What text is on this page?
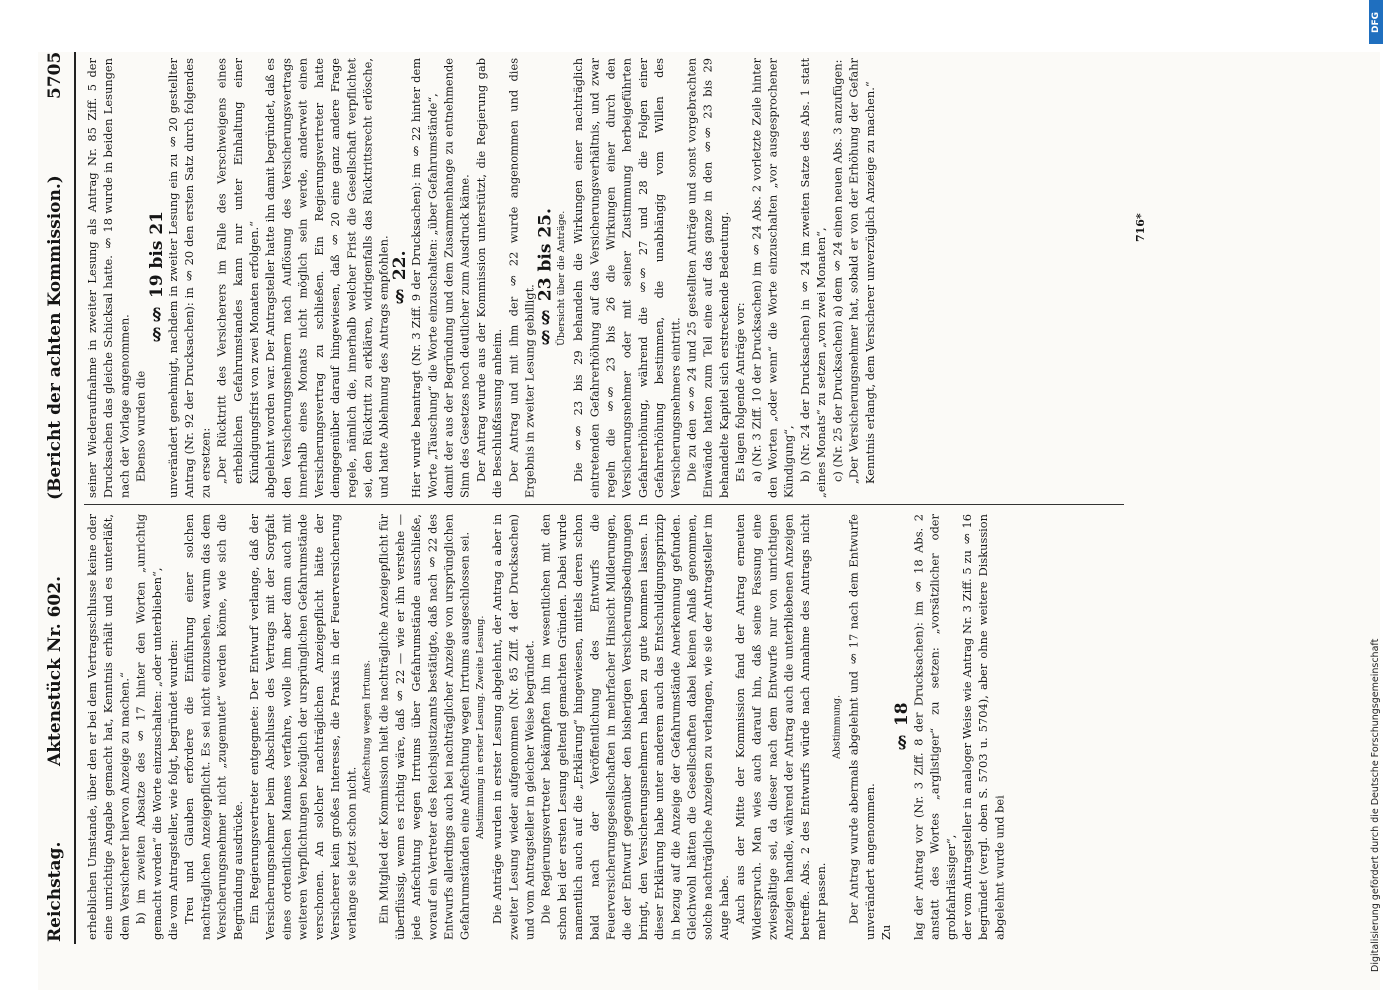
Reichstag.
Aktenstück Nr. 602.
(Bericht der achten Kommission.)
5705

erheblichen Umstande, über den er bei dem Vertragsschlusse keine oder eine unrichtige Angabe gemacht hat, Kenntnis erhält und es unterläßt, dem Versicherer hiervon Anzeige zu machen.“ b) im zweiten Absatze des § 17 hinter den Worten „unrichtig gemacht worden“ die Worte einzuschalten: „oder unterblieben“, die vom Antragsteller, wie folgt, begründet wurden: Treu und Glauben erfordere die Einführung einer solchen nachträglichen Anzeigepflicht. Es sei nicht einzusehen, warum das dem Versicherungsnehmer nicht „zugemutet“ werden könne, wie sich die Begründung ausdrücke. Ein Regierungsvertreter entgegnete: Der Entwurf verlange, daß der Versicherungsnehmer beim Abschlusse des Vertrags mit der Sorgfalt eines ordentlichen Mannes verfahre, wolle ihm aber dann auch mit weiteren Verpflichtungen bezüglich der ursprünglichen Gefahrumstände verschonen. An solcher nachträglichen Anzeigepflicht hätte der Versicherer kein großes Interesse, die Praxis in der Feuerversicherung verlange sie jetzt schon nicht.

Anfechtung wegen Irrtums. Ein Mitglied der Kommission hielt die nachträgliche Anzeigepflicht für überflüssig, wenn es richtig wäre, daß § 22 — wie er ihn verstehe — jede Anfechtung wegen Irrtums über Gefahrumstände ausschließe, worauf ein Vertreter des Reichsjustizamts bestätigte, daß nach § 22 des Entwurfs allerdings auch bei nachträglicher Anzeige von ursprünglichen Gefahrumständen eine Anfechtung wegen Irrtums ausgeschlossen sei. Abstimmung in erster Lesung. Zweite Lesung. Die Anträge wurden in erster Lesung abgelehnt, der Antrag a aber in zweiter Lesung wieder aufgenommen (Nr. 85 Ziff. 4 der Drucksachen) und vom Antragsteller in gleicher Weise begründet. Die Regierungsvertreter bekämpften ihn im wesentlichen mit den schon bei der ersten Lesung geltend gemachten Gründen. Dabei wurde namentlich auch auf die „Erklärung“ hingewiesen, mittels deren schon bald nach der Veröffentlichung des Entwurfs die Feuerversicherungsgesellschaften in mehrfacher Hinsicht Milderungen, die der Entwurf gegenüber den bisherigen Versicherungsbedingungen bringt, den Versicherungsnehmern haben zu gute kommen lassen. In dieser Erklärung habe unter anderem auch das Entschuldigungsprinzip in bezug auf die Anzeige der Gefahrumstände Anerkennung gefunden. Gleichwohl hätten die Gesellschaften dabei keinen Anlaß genommen, solche nachträgliche Anzeigen zu verlangen, wie sie der Antragsteller im Auge habe. Auch aus der Mitte der Kommission fand der Antrag erneuten Widerspruch. Man wies auch darauf hin, daß seine Fassung eine zwiespältige sei, da dieser nach dem Entwurfe nur von unrichtigen Anzeigen handle, während der Antrag auch die unterbliebenen Anzeigen betreffe. Abs. 2 des Entwurfs würde nach Annahme des Antrags nicht mehr passen.

Abstimmung. Der Antrag wurde abermals abgelehnt und § 17 nach dem Entwurfe unverändert angenommen. Zu

§ 18 lag der Antrag vor (Nr. 3 Ziff. 8 der Drucksachen): im § 18 Abs. 2 anstatt des Wortes „arglistiger“ zu setzen: „vorsätzlicher oder grobfahrlässiger“, der vom Antragsteller in analoger Weise wie Antrag Nr. 3 Ziff. 5 zu § 16 begründet (vergl. oben S. 5703 u. 5704), aber ohne weitere Diskussion abgelehnt wurde und bei

seiner Wiederaufnahme in zweiter Lesung als Antrag Nr. 85 Ziff. 5 der Drucksachen das gleiche Schicksal hatte. § 18 wurde in beiden Lesungen nach der Vorlage angenommen. Ebenso wurden die

§§ 19 bis 21 unverändert genehmigt, nachdem in zweiter Lesung ein zu § 20 gestellter Antrag (Nr. 92 der Drucksachen): in § 20 den ersten Satz durch folgendes zu ersetzen: „Der Rücktritt des Versicherers im Falle des Verschweigens eines erheblichen Gefahrumstandes kann nur unter Einhaltung einer Kündigungsfrist von zwei Monaten erfolgen.“ abgelehnt worden war. Der Antragsteller hatte ihn damit begründet, daß es den Versicherungsnehmern nach Auflösung des Versicherungsvertrags innerhalb eines Monats nicht möglich sein werde, anderweit einen Versicherungsvertrag zu schließen. Ein Regierungsvertreter hatte demgegenüber darauf hingewiesen, daß § 20 eine ganz andere Frage regele, nämlich die, innerhalb welcher Frist die Gesellschaft verpflichtet sei, den Rücktritt zu erklären, widrigenfalls das Rücktrittsrecht erlösche, und hatte Ablehnung des Antrags empfohlen. § 22. Hier wurde beantragt (Nr. 3 Ziff. 9 der Drucksachen): im § 22 hinter dem Worte „Täuschung“ die Worte einzuschalten: „über Gefahrumstände“, damit der aus der Begründung und dem Zusammenhange zu entnehmende Sinn des Gesetzes noch deutlicher zum Ausdruck käme. Der Antrag wurde aus der Kommission unterstützt, die Regierung gab die Beschlußfassung anheim. Der Antrag und mit ihm der § 22 wurde angenommen und dies Ergebnis in zweiter Lesung gebilligt.

§§ 23 bis 25. Übersicht über die Anträge. Die §§ 23 bis 29 behandeln die Wirkungen einer nachträglich eintretenden Gefahrerhöhung auf das Versicherungsverhältnis, und zwar regeln die §§ 23 bis 26 die Wirkungen einer durch den Versicherungsnehmer oder mit seiner Zustimmung herbeigeführten Gefahrerhöhung, während die §§ 27 und 28 die Folgen einer Gefahrerhöhung bestimmen, die unabhängig vom Willen des Versicherungsnehmers eintritt. Die zu den §§ 24 und 25 gestellten Anträge und sonst vorgebrachten Einwände hatten zum Teil eine auf das ganze in den §§ 23 bis 29 behandelte Kapitel sich erstreckende Bedeutung. Es lagen folgende Anträge vor: a) (Nr. 3 Ziff. 10 der Drucksachen) im § 24 Abs. 2 vorletzte Zeile hinter den Worten „oder wenn“ die Worte einzuschalten „vor ausgesprochener Kündigung“, b) (Nr. 24 der Drucksachen) in § 24 im zweiten Satze des Abs. 1 statt „eines Monats“ zu setzen „von zwei Monaten“, c) (Nr. 25 der Drucksachen) a) dem § 24 einen neuen Abs. 3 anzufügen: „Der Versicherungsnehmer hat, sobald er von der Erhöhung der Gefahr Kenntnis erlangt, dem Versicherer unverzüglich Anzeige zu machen.“	716*
DFG
Digitalisierung gefördert durch die Deutsche Forschungsgemeinschaft
